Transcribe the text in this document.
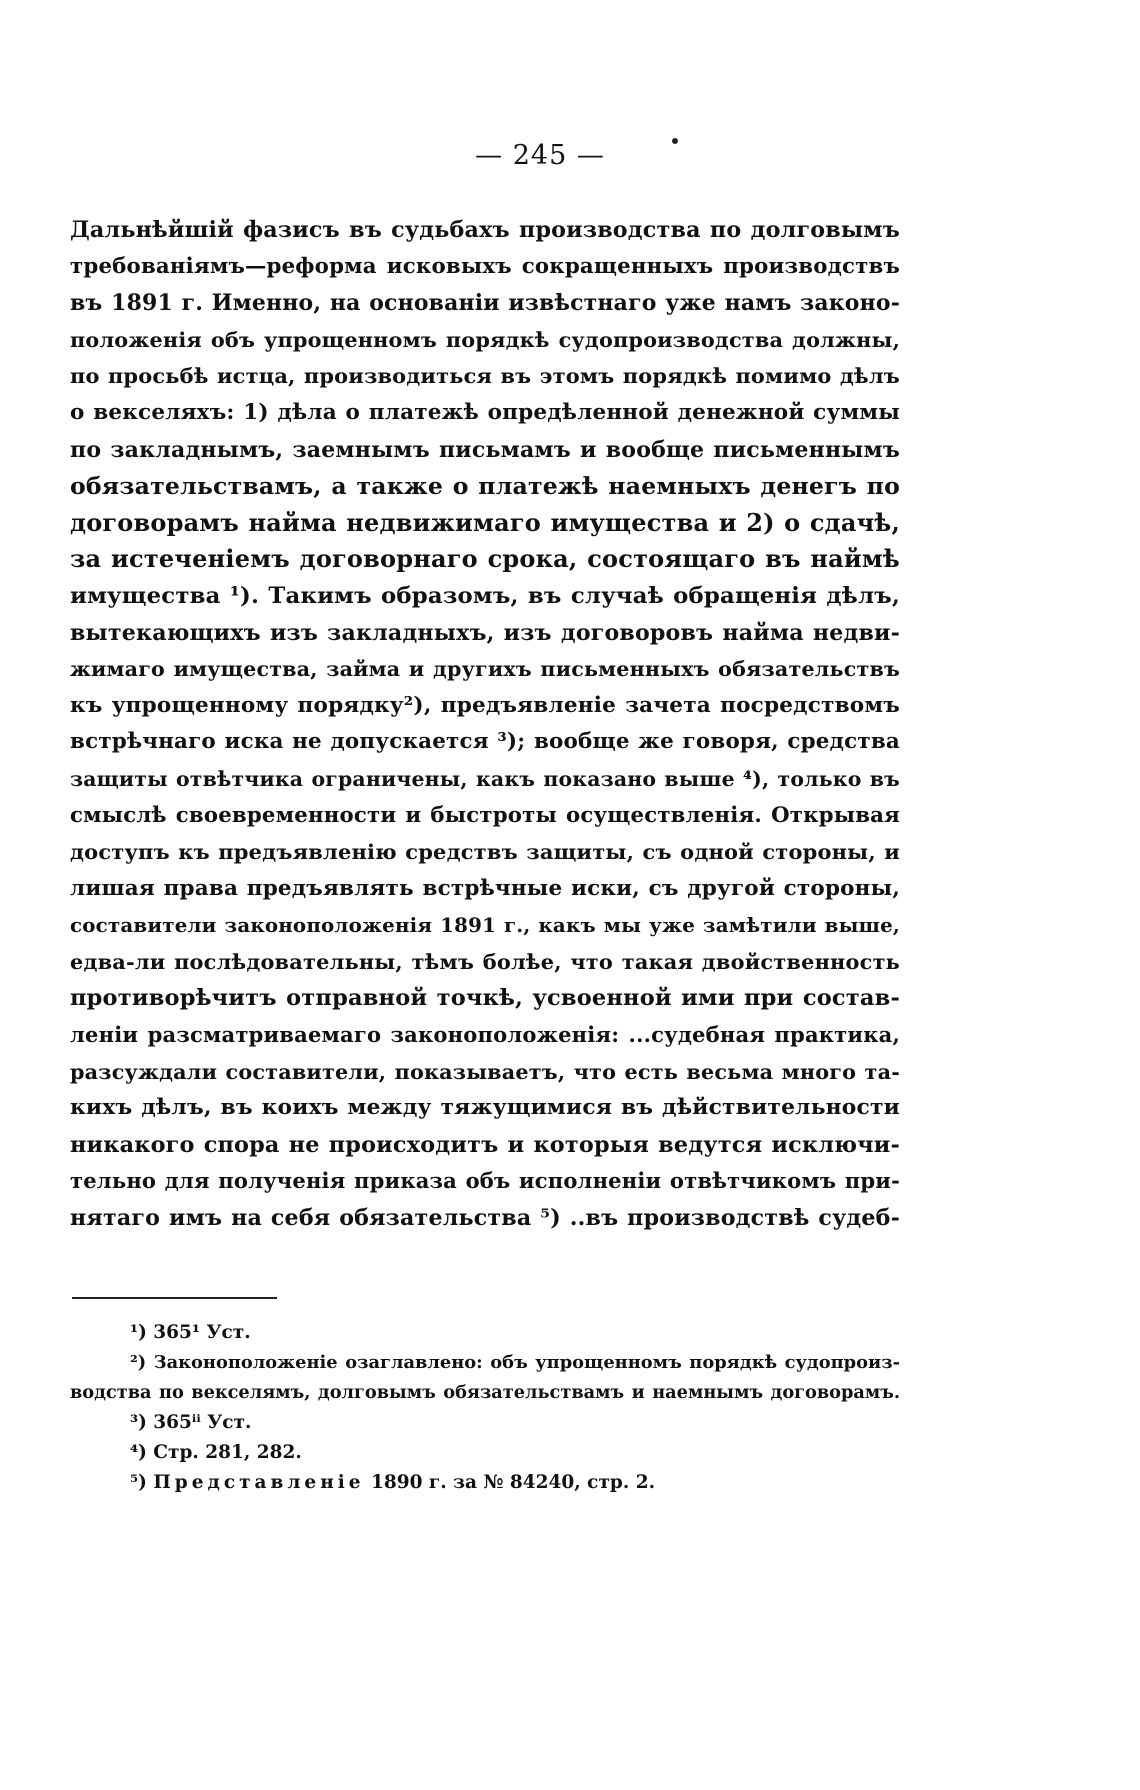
— 245 —
Дальнѣйшій фазисъ въ судьбахъ производства по долговымъ
требованіямъ—реформа исковыхъ сокращенныхъ производствъ
въ 1891 г. Именно, на основаніи извѣстнаго уже намъ законо-
положенія объ упрощенномъ порядкѣ судопроизводства должны,
по просьбѣ истца, производиться въ этомъ порядкѣ помимо дѣлъ
о векселяхъ: 1) дѣла о платежѣ опредѣленной денежной суммы
по закладнымъ, заемнымъ письмамъ и вообще письменнымъ
обязательствамъ, а также о платежѣ наемныхъ денегъ по
договорамъ найма недвижимаго имущества и 2) о сдачѣ,
за истеченіемъ договорнаго срока, состоящаго въ наймѣ
имущества ¹). Такимъ образомъ, въ случаѣ обращенія дѣлъ,
вытекающихъ изъ закладныхъ, изъ договоровъ найма недви-
жимаго имущества, займа и другихъ письменныхъ обязательствъ
къ упрощенному порядку²), предъявленіе зачета посредствомъ
встрѣчнаго иска не допускается ³); вообще же говоря, средства
защиты отвѣтчика ограничены, какъ показано выше ⁴), только въ
смыслѣ своевременности и быстроты осуществленія. Открывая
доступъ къ предъявленію средствъ защиты, съ одной стороны, и
лишая права предъявлять встрѣчные иски, съ другой стороны,
составители законоположенія 1891 г., какъ мы уже замѣтили выше,
едва-ли послѣдовательны, тѣмъ болѣе, что такая двойственность
противорѣчитъ отправной точкѣ, усвоенной ими при состав-
леніи разсматриваемаго законоположенія: ...судебная практика,
разсуждали составители, показываетъ, что есть весьма много та-
кихъ дѣлъ, въ коихъ между тяжущимися въ дѣйствительности
никакого спора не происходитъ и которыя ведутся исключи-
тельно для полученія приказа объ исполненіи отвѣтчикомъ при-
нятаго имъ на себя обязательства ⁵) ..въ производствѣ судеб-
¹) 365¹ Уст.
²) Законоположеніе озаглавлено: объ упрощенномъ порядкѣ судопроиз-
водства по векселямъ, долговымъ обязательствамъ и наемнымъ договорамъ.
³) 365ⁱⁱ Уст.
⁴) Стр. 281, 282.
⁵) Представленіе 1890 г. за № 84240, стр. 2.
